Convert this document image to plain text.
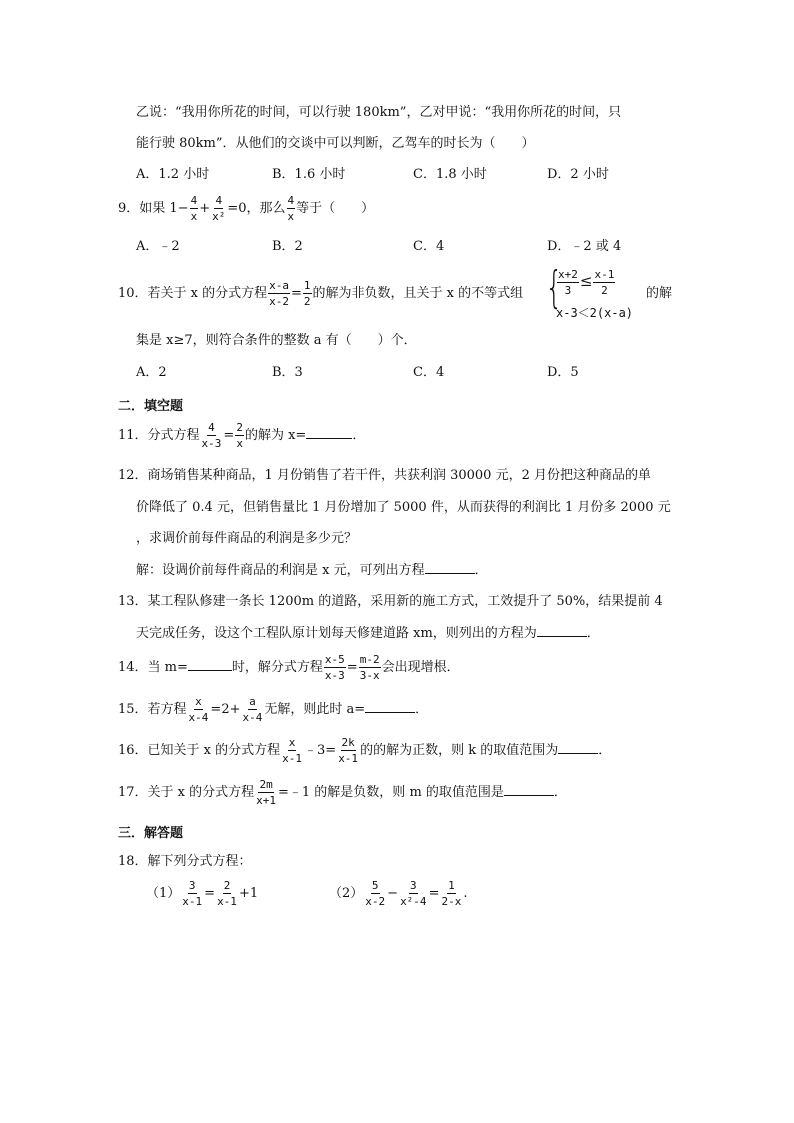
乙说：“我用你所花的时间，可以行驶 180km”，乙对甲说：“我用你所花的时间，只
能行驶 80km”．从他们的交谈中可以判断，乙驾车的时长为（　　）
A．1.2 小时	B．1.6 小时	C．1.8 小时	D．2 小时
9．如果 $1- \frac{4}{x} + \frac{4}{\text{x²}} =0$，那么 $\frac{4}{x}$ 等于（　　）
A．﹣2	B．2	C．4	D．﹣2 或 4
10．若关于 x 的分式方程 $\frac{x-a}{x-2} = \frac{1}{2}$ 的解为非负数，且关于 x 的不等式组 {
$\frac{x+2}{3} \le \frac{x-1}{2}$
x-3＜2(x-a)
的解
集是 x≥7，则符合条件的整数 a 有（　　）个．
A．2	B．3	C．4	D．5
二．填空题
11．分式方程 $\frac{4}{x-3} = \frac{2}{x}$ 的解为 x=	．
12．商场销售某种商品，1 月份销售了若干件，共获利润 30000 元，2 月份把这种商品的单
价降低了 0.4 元，但销售量比 1 月份增加了 5000 件，从而获得的利润比 1 月份多 2000 元
，求调价前每件商品的利润是多少元？
解：设调价前每件商品的利润是 x 元，可列出方程	．
13．某工程队修建一条长 1200m 的道路，采用新的施工方式，工效提升了 50%，结果提前 4
天完成任务，设这个工程队原计划每天修建道路 xm，则列出的方程为	．
14．当 m=	时，解分式方程 $\frac{x-5}{x-3} = \frac{m-2}{3-x}$ 会出现增根．
15．若方程 $\frac{x}{x-4} =2+ \frac{a}{x-4}$ 无解，则此时 a=	．
16．已知关于 x 的分式方程 $\frac{x}{x-1}$ ﹣3= $\frac{2k}{x-1}$ 的的解为正数，则 k 的取值范围为	．
17．关于 x 的分式方程 $\frac{2m}{x+1}$ =﹣1 的解是负数，则 m 的取值范围是	．
三．解答题
18．解下列分式方程：
$(1) \frac{3}{x-1} = \frac{2}{x-1} +1$	$(2) \frac{5}{x-2} - \frac{3}{\text{x²-4}} = \frac{1}{2-x}$ .
